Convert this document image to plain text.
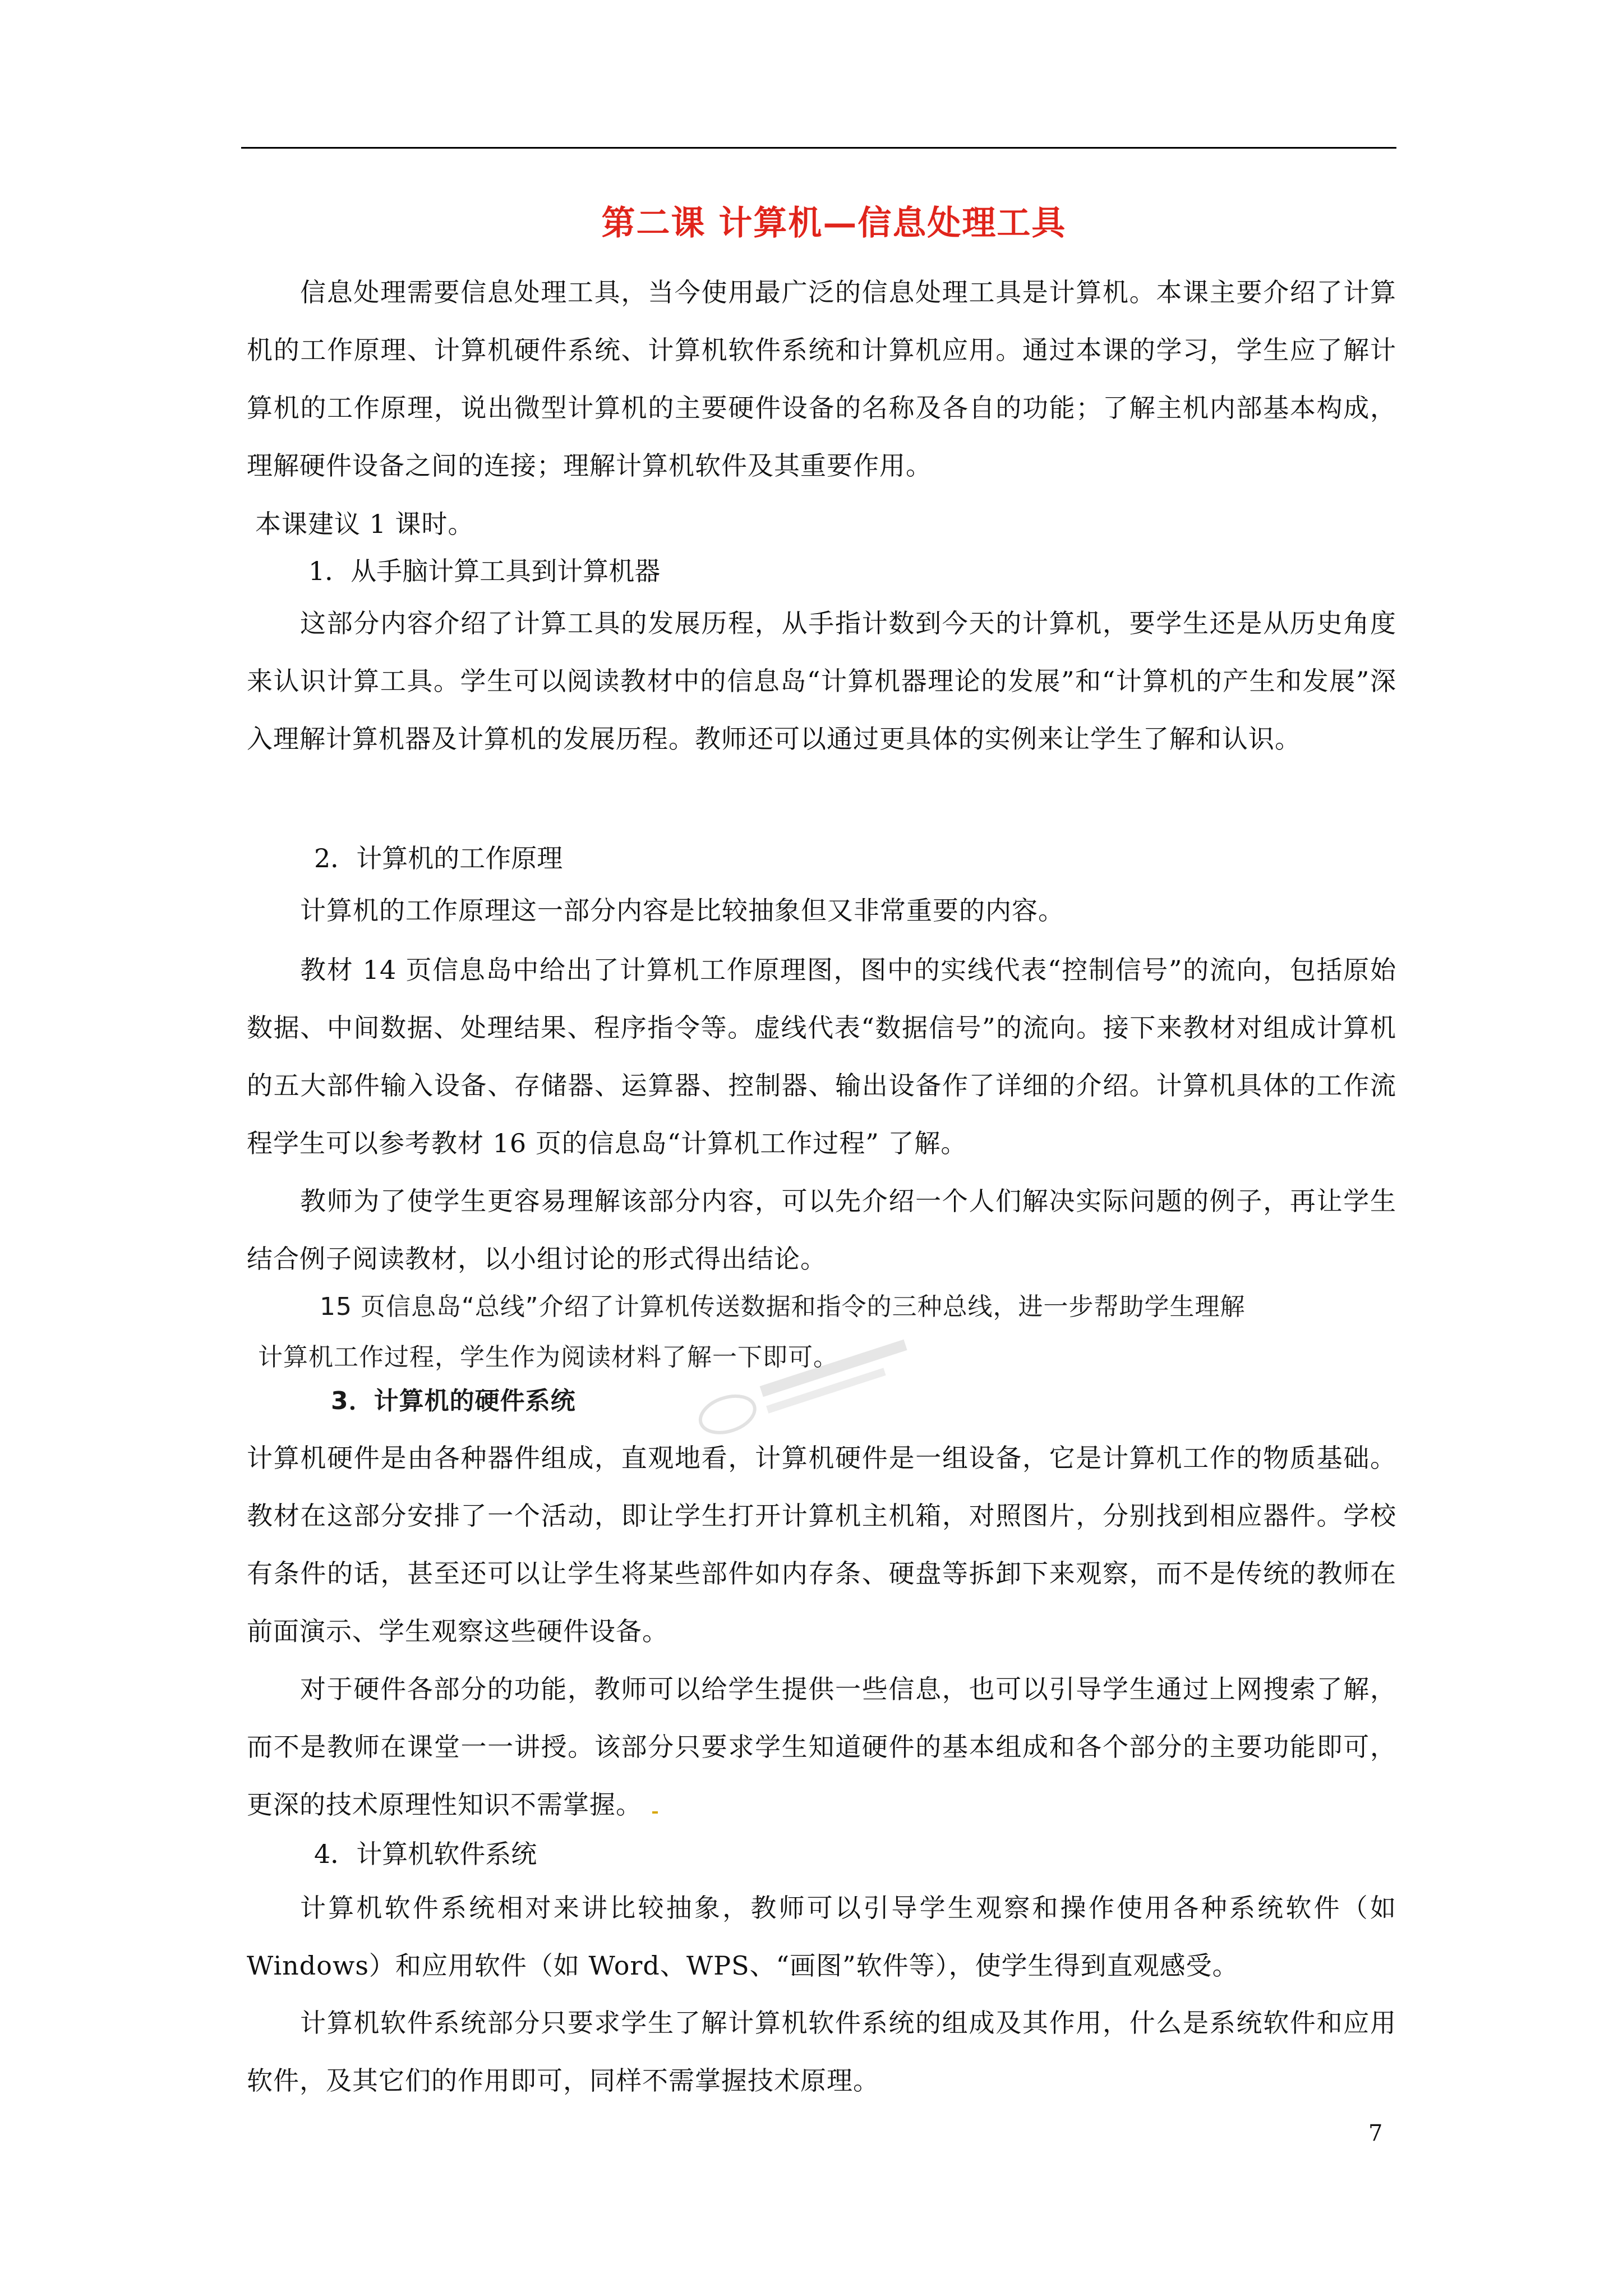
第二课 计算机—信息处理工具

信息处理需要信息处理工具，当今使用最广泛的信息处理工具是计算机。本课主要介绍了计算机的工作原理、计算机硬件系统、计算机软件系统和计算机应用。通过本课的学习，学生应了解计算机的工作原理，说出微型计算机的主要硬件设备的名称及各自的功能；了解主机内部基本构成，理解硬件设备之间的连接；理解计算机软件及其重要作用。

本课建议 1 课时。

1．从手脑计算工具到计算机器

这部分内容介绍了计算工具的发展历程，从手指计数到今天的计算机，要学生还是从历史角度来认识计算工具。学生可以阅读教材中的信息岛“计算机器理论的发展”和“计算机的产生和发展”深入理解计算机器及计算机的发展历程。教师还可以通过更具体的实例来让学生了解和认识。

2．计算机的工作原理

计算机的工作原理这一部分内容是比较抽象但又非常重要的内容。

教材 14 页信息岛中给出了计算机工作原理图，图中的实线代表“控制信号”的流向，包括原始数据、中间数据、处理结果、程序指令等。虚线代表“数据信号”的流向。接下来教材对组成计算机的五大部件输入设备、存储器、运算器、控制器、输出设备作了详细的介绍。计算机具体的工作流程学生可以参考教材 16 页的信息岛“计算机工作过程” 了解。

教师为了使学生更容易理解该部分内容，可以先介绍一个人们解决实际问题的例子，再让学生结合例子阅读教材，以小组讨论的形式得出结论。

15 页信息岛“总线”介绍了计算机传送数据和指令的三种总线，进一步帮助学生理解

计算机工作过程，学生作为阅读材料了解一下即可。

3．计算机的硬件系统

计算机硬件是由各种器件组成，直观地看，计算机硬件是一组设备，它是计算机工作的物质基础。教材在这部分安排了一个活动，即让学生打开计算机主机箱，对照图片，分别找到相应器件。学校有条件的话，甚至还可以让学生将某些部件如内存条、硬盘等拆卸下来观察，而不是传统的教师在前面演示、学生观察这些硬件设备。

对于硬件各部分的功能，教师可以给学生提供一些信息，也可以引导学生通过上网搜索了解，而不是教师在课堂一一讲授。该部分只要求学生知道硬件的基本组成和各个部分的主要功能即可，更深的技术原理性知识不需掌握。

4．计算机软件系统

计算机软件系统相对来讲比较抽象，教师可以引导学生观察和操作使用各种系统软件（如 Windows）和应用软件（如 Word、WPS、“画图”软件等），使学生得到直观感受。

计算机软件系统部分只要求学生了解计算机软件系统的组成及其作用，什么是系统软件和应用软件，及其它们的作用即可，同样不需掌握技术原理。

7
